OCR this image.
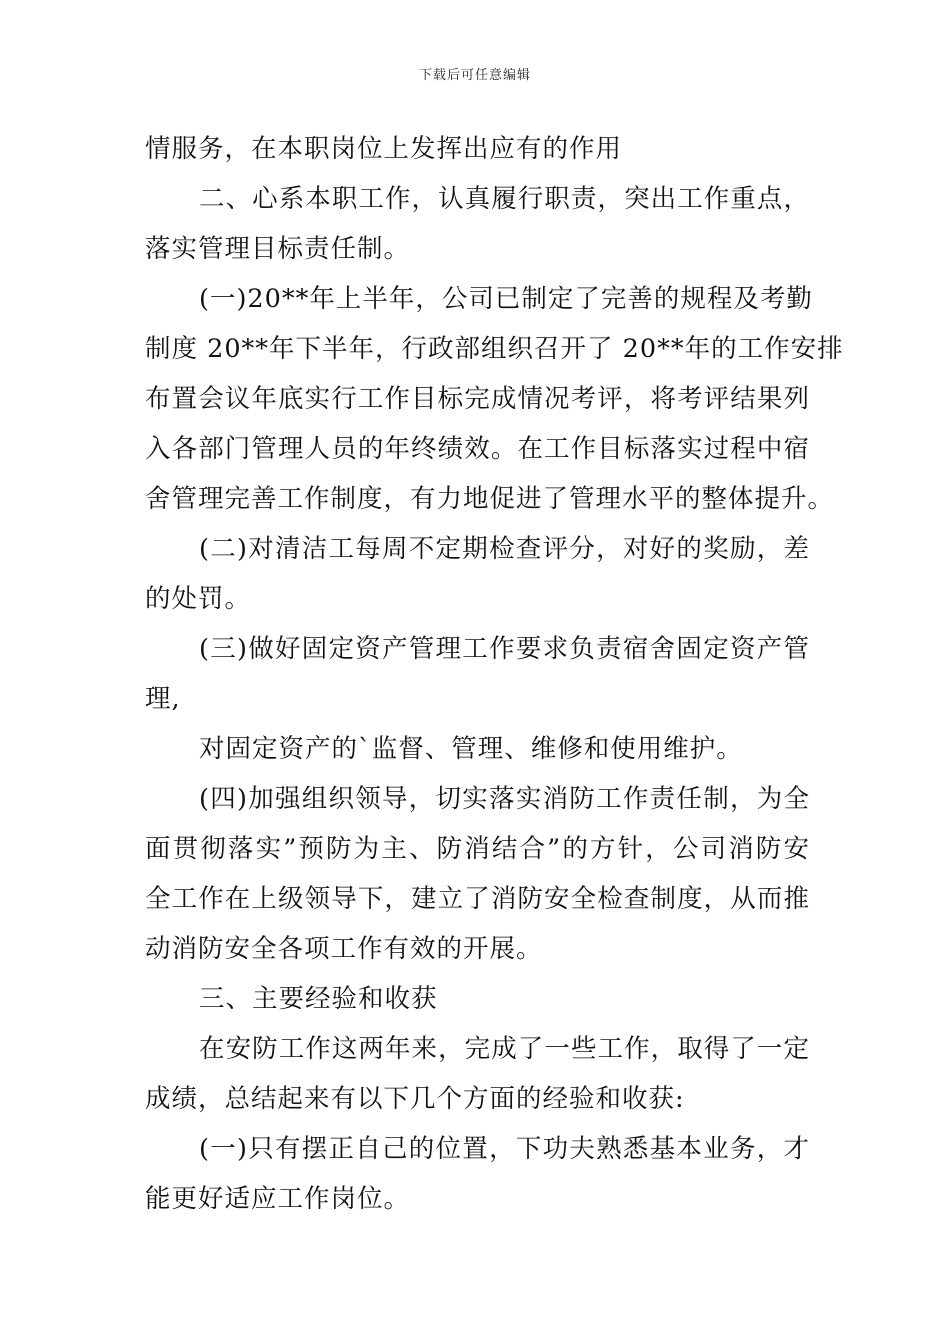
下载后可任意编辑
情服务，在本职岗位上发挥出应有的作用
二、心系本职工作，认真履行职责，突出工作重点，
落实管理目标责任制。
(一)20**年上半年，公司已制定了完善的规程及考勤
制度 20**年下半年，行政部组织召开了 20**年的工作安排
布置会议年底实行工作目标完成情况考评，将考评结果列
入各部门管理人员的年终绩效。在工作目标落实过程中宿
舍管理完善工作制度，有力地促进了管理水平的整体提升。
(二)对清洁工每周不定期检查评分，对好的奖励，差
的处罚。
(三)做好固定资产管理工作要求负责宿舍固定资产管
理,
对固定资产的`监督、管理、维修和使用维护。
(四)加强组织领导，切实落实消防工作责任制，为全
面贯彻落实”预防为主、防消结合”的方针，公司消防安
全工作在上级领导下，建立了消防安全检查制度，从而推
动消防安全各项工作有效的开展。
三、主要经验和收获
在安防工作这两年来，完成了一些工作，取得了一定
成绩，总结起来有以下几个方面的经验和收获:
(一)只有摆正自己的位置，下功夫熟悉基本业务，才
能更好适应工作岗位。
